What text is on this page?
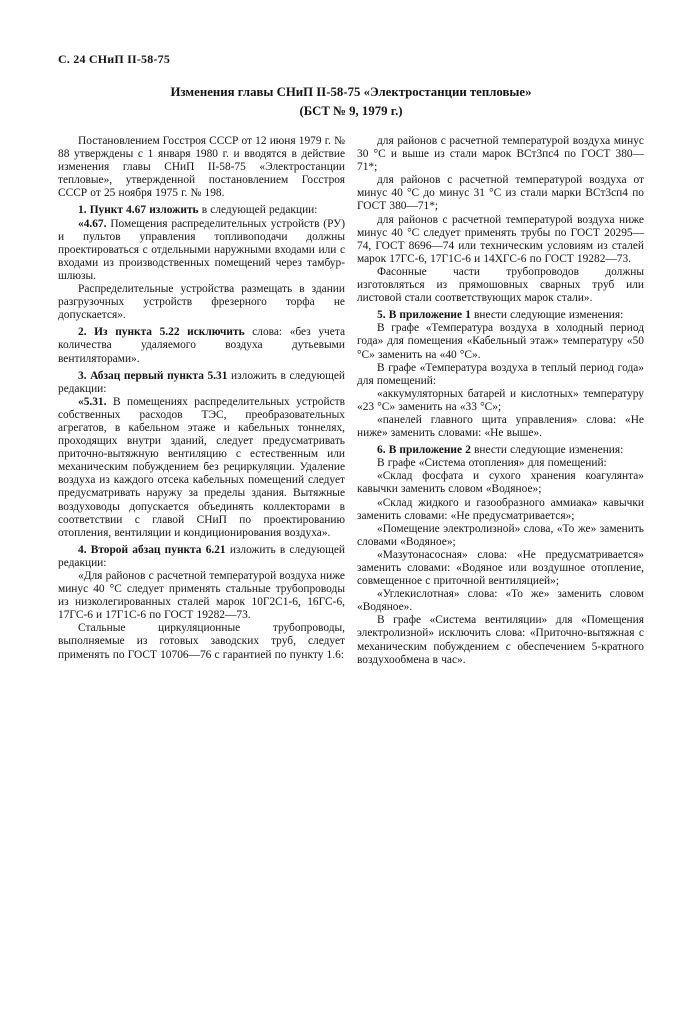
С. 24 СНиП II-58-75
Изменения главы СНиП II-58-75 «Электростанции тепловые»
(БСТ № 9, 1979 г.)

Постановлением Госстроя СССР от 12 июня 1979 г. № 88 утверждены с 1 января 1980 г. и вводятся в действие изменения главы СНиП II-58-75 «Электростанции тепловые», утвержденной постановлением Госстроя СССР от 25 ноября 1975 г. № 198.

1. Пункт 4.67 изложить в следующей редакции:

«4.67. Помещения распределительных устройств (РУ) и пультов управления топливоподачи должны проектироваться с отдельными наружными входами или с входами из производственных помещений через тамбур-шлюзы.

Распределительные устройства размещать в здании разгрузочных устройств фрезерного торфа не допускается».

2. Из пункта 5.22 исключить слова: «без учета количества удаляемого воздуха дутьевыми вентиляторами».

3. Абзац первый пункта 5.31 изложить в следующей редакции:

«5.31. В помещениях распределительных устройств собственных расходов ТЭС, преобразовательных агрегатов, в кабельном этаже и кабельных тоннелях, проходящих внутри зданий, следует предусматривать приточно-вытяжную вентиляцию с естественным или механическим побуждением без рециркуляции. Удаление воздуха из каждого отсека кабельных помещений следует предусматривать наружу за пределы здания. Вытяжные воздуховоды допускается объединять коллекторами в соответствии с главой СНиП по проектированию отопления, вентиляции и кондиционирования воздуха».

4. Второй абзац пункта 6.21 изложить в следующей редакции:

«Для районов с расчетной температурой воздуха ниже минус 40 °С следует применять стальные трубопроводы из низколегированных сталей марок 10Г2С1-6, 16ГС-6, 17ГС-6 и 17Г1С-6 по ГОСТ 19282—73.

Стальные циркуляционные трубопроводы, выполняемые из готовых заводских труб, следует применять по ГОСТ 10706—76 с гарантией по пункту 1.6:

для районов с расчетной температурой воздуха минус 30 °С и выше из стали марок ВСт3пс4 по ГОСТ 380—71*;

для районов с расчетной температурой воздуха от минус 40 °С до минус 31 °С из стали марки ВСт3сп4 по ГОСТ 380—71*;

для районов с расчетной температурой воздуха ниже минус 40 °С следует применять трубы по ГОСТ 20295—74, ГОСТ 8696—74 или техническим условиям из сталей марок 17ГС-6, 17Г1С-6 и 14ХГС-6 по ГОСТ 19282—73.

Фасонные части трубопроводов должны изготовляться из прямошовных сварных труб или листовой стали соответствующих марок стали».

5. В приложение 1 внести следующие изменения:

В графе «Температура воздуха в холодный период года» для помещения «Кабельный этаж» температуру «50 °С» заменить на «40 °С».

В графе «Температура воздуха в теплый период года» для помещений:

«аккумуляторных батарей и кислотных» температуру «23 °С» заменить на «33 °С»;

«панелей главного щита управления» слова: «Не ниже» заменить словами: «Не выше».

6. В приложение 2 внести следующие изменения:

В графе «Система отопления» для помещений:

«Склад фосфата и сухого хранения коагулянта» кавычки заменить словом «Водяное»;

«Склад жидкого и газообразного аммиака» кавычки заменить словами: «Не предусматривается»;

«Помещение электролизной» слова, «То же» заменить словами «Водяное»;

«Мазутонасосная» слова: «Не предусматривается» заменить словами: «Водяное или воздушное отопление, совмещенное с приточной вентиляцией»;

«Углекислотная» слова: «То же» заменить словом «Водяное».

В графе «Система вентиляции» для «Помещения электролизной» исключить слова: «Приточно-вытяжная с механическим побуждением с обеспечением 5-кратного воздухообмена в час».
